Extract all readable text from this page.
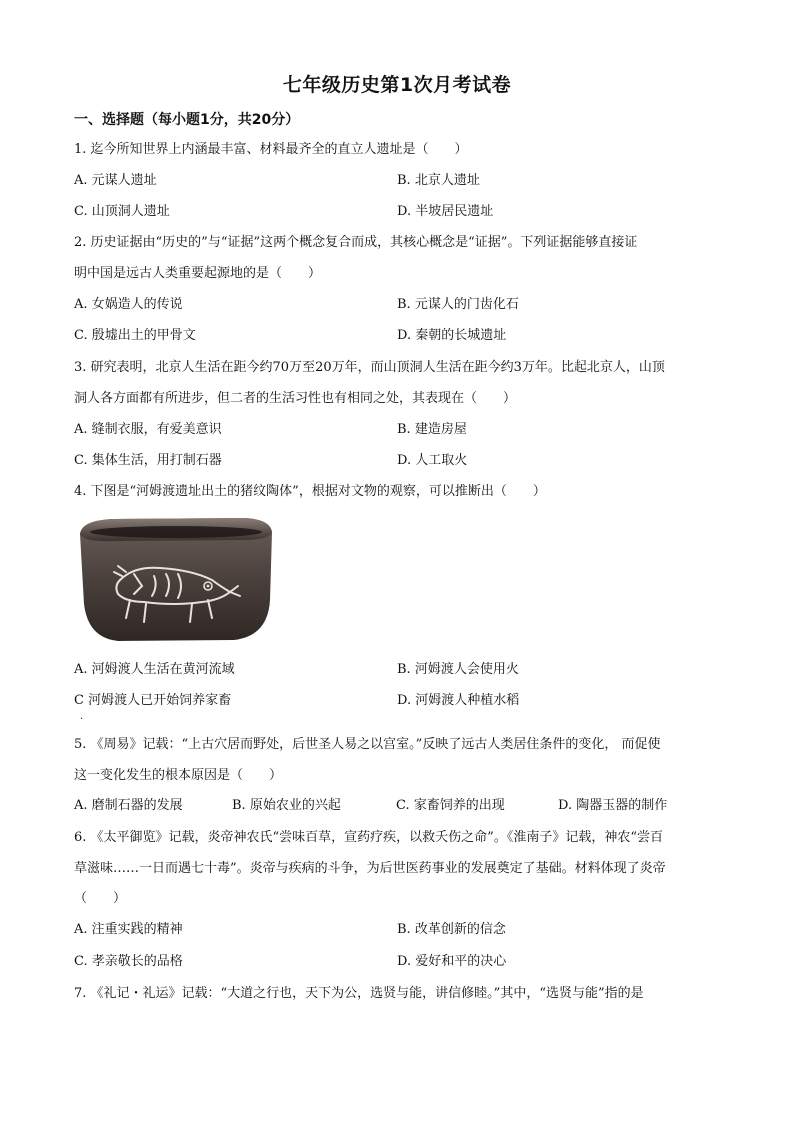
七年级历史第1次月考试卷
一、选择题（每小题1分，共20分）
1. 迄今所知世界上内涵最丰富、材料最齐全的直立人遗址是（　　）
A. 元谋人遗址	B. 北京人遗址
C. 山顶洞人遗址	D. 半坡居民遗址
2. 历史证据由“历史的”与“证据”这两个概念复合而成，其核心概念是“证据”。下列证据能够直接证
明中国是远古人类重要起源地的是（　　）
A. 女娲造人的传说	B. 元谋人的门齿化石
C. 殷墟出土的甲骨文	D. 秦朝的长城遗址
3. 研究表明，北京人生活在距今约70万至20万年，而山顶洞人生活在距今约3万年。比起北京人，山顶
洞人各方面都有所进步，但二者的生活习性也有相同之处，其表现在（　　）
A. 缝制衣服，有爱美意识	B. 建造房屋
C. 集体生活，用打制石器	D. 人工取火
4. 下图是“河姆渡遗址出土的猪纹陶体”，根据对文物的观察，可以推断出（　　）
A. 河姆渡人生活在黄河流域	B. 河姆渡人会使用火
C 河姆渡人已开始饲养家畜	D. 河姆渡人种植水稻
.
5. 《周易》记载：“上古穴居而野处，后世圣人易之以宫室。”反映了远古人类居住条件的变化， 而促使
这一变化发生的根本原因是（　　）
A. 磨制石器的发展	B. 原始农业的兴起	C. 家畜饲养的出现	D. 陶器玉器的制作
6. 《太平御览》记载，炎帝神农氏“尝味百草，宣药疗疾，以救夭伤之命”。《淮南子》记载，神农“尝百
草滋味……一日而遇七十毒”。炎帝与疾病的斗争，为后世医药事业的发展奠定了基础。材料体现了炎帝
（　　）
A. 注重实践的精神	B. 改革创新的信念
C. 孝亲敬长的品格	D. 爱好和平的决心
7. 《礼记・礼运》记载：“大道之行也，天下为公，选贤与能，讲信修睦。”其中，“选贤与能”指的是
